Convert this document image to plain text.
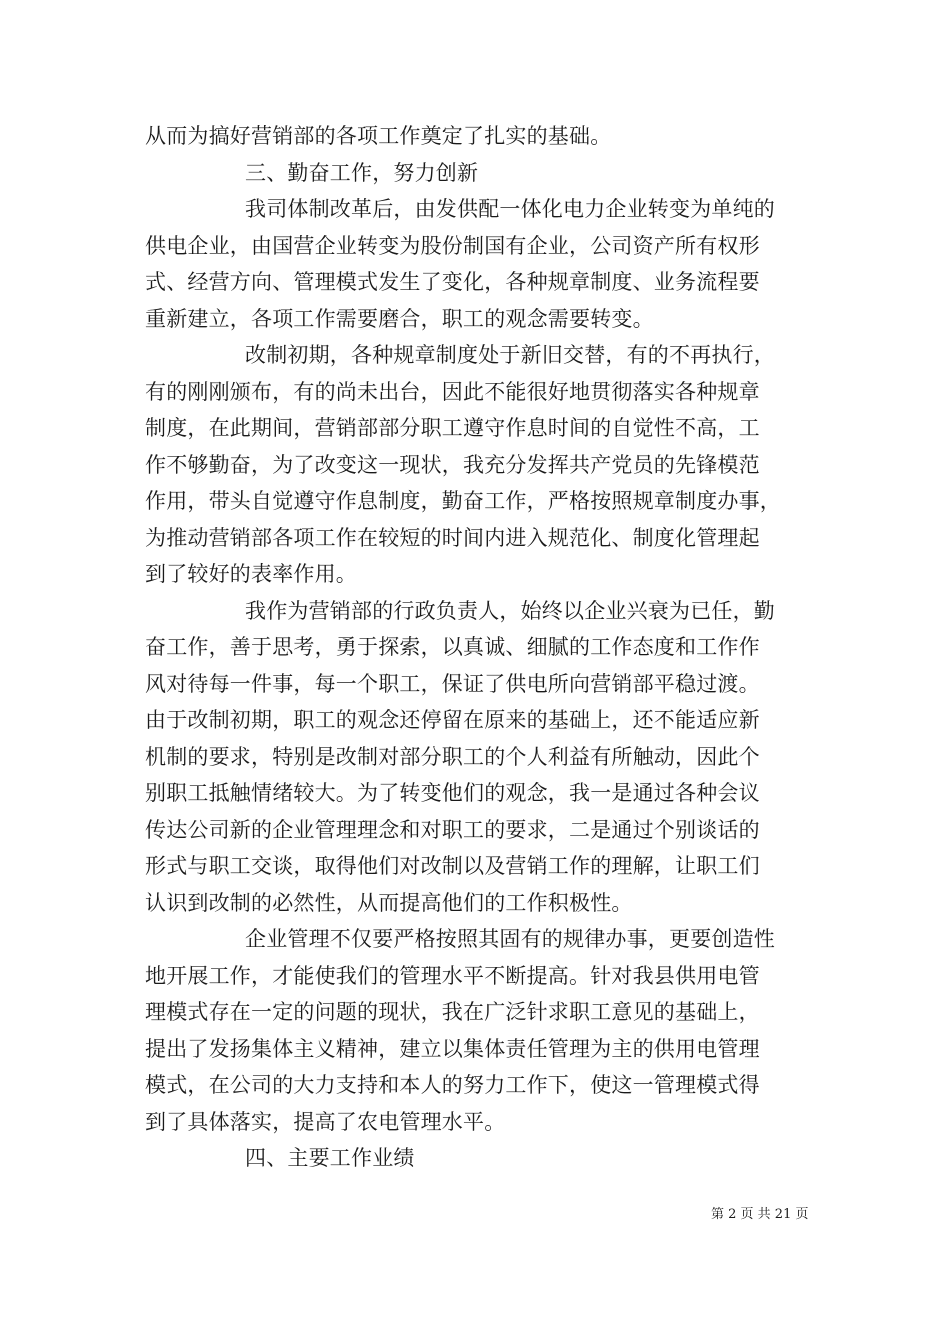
从而为搞好营销部的各项工作奠定了扎实的基础。
三、勤奋工作，努力创新
我司体制改革后，由发供配一体化电力企业转变为单纯的
供电企业，由国营企业转变为股份制国有企业，公司资产所有权形
式、经营方向、管理模式发生了变化，各种规章制度、业务流程要
重新建立，各项工作需要磨合，职工的观念需要转变。
改制初期，各种规章制度处于新旧交替，有的不再执行，
有的刚刚颁布，有的尚未出台，因此不能很好地贯彻落实各种规章
制度，在此期间，营销部部分职工遵守作息时间的自觉性不高，工
作不够勤奋，为了改变这一现状，我充分发挥共产党员的先锋模范
作用，带头自觉遵守作息制度，勤奋工作，严格按照规章制度办事，
为推动营销部各项工作在较短的时间内进入规范化、制度化管理起
到了较好的表率作用。
我作为营销部的行政负责人，始终以企业兴衰为已任，勤
奋工作，善于思考，勇于探索，以真诚、细腻的工作态度和工作作
风对待每一件事，每一个职工，保证了供电所向营销部平稳过渡。
由于改制初期，职工的观念还停留在原来的基础上，还不能适应新
机制的要求，特别是改制对部分职工的个人利益有所触动，因此个
别职工抵触情绪较大。为了转变他们的观念，我一是通过各种会议
传达公司新的企业管理理念和对职工的要求，二是通过个别谈话的
形式与职工交谈，取得他们对改制以及营销工作的理解，让职工们
认识到改制的必然性，从而提高他们的工作积极性。
企业管理不仅要严格按照其固有的规律办事，更要创造性
地开展工作，才能使我们的管理水平不断提高。针对我县供用电管
理模式存在一定的问题的现状，我在广泛针求职工意见的基础上，
提出了发扬集体主义精神，建立以集体责任管理为主的供用电管理
模式，在公司的大力支持和本人的努力工作下，使这一管理模式得
到了具体落实，提高了农电管理水平。
四、主要工作业绩
第 2 页 共 21 页
